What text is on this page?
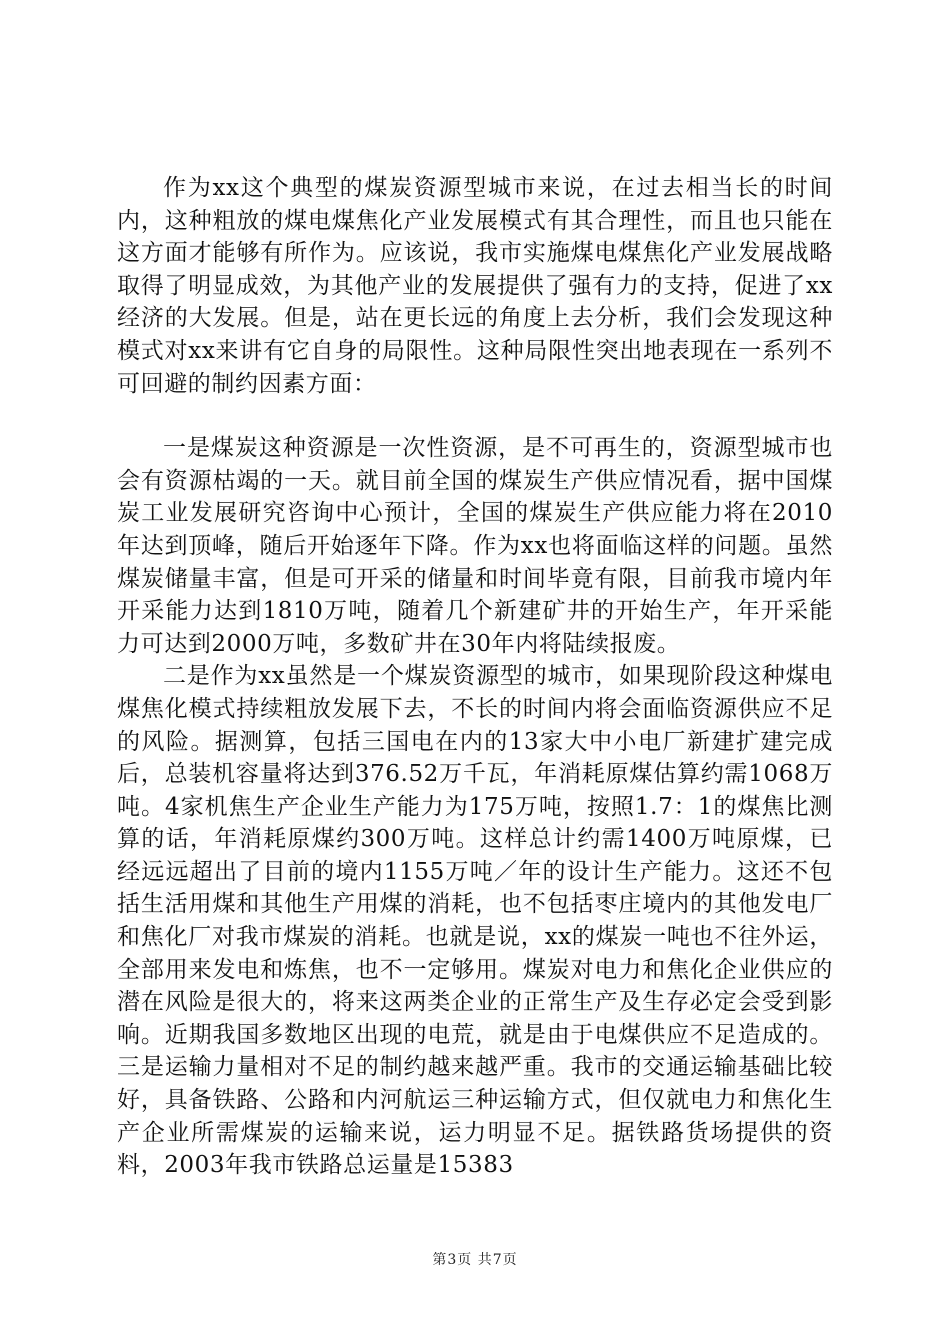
作为xx这个典型的煤炭资源型城市来说，在过去相当长的时间内，这种粗放的煤电煤焦化产业发展模式有其合理性，而且也只能在这方面才能够有所作为。应该说，我市实施煤电煤焦化产业发展战略取得了明显成效，为其他产业的发展提供了强有力的支持，促进了xx经济的大发展。但是，站在更长远的角度上去分析，我们会发现这种模式对xx来讲有它自身的局限性。这种局限性突出地表现在一系列不可回避的制约因素方面：

一是煤炭这种资源是一次性资源，是不可再生的，资源型城市也会有资源枯竭的一天。就目前全国的煤炭生产供应情况看，据中国煤炭工业发展研究咨询中心预计，全国的煤炭生产供应能力将在2010年达到顶峰，随后开始逐年下降。作为xx也将面临这样的问题。虽然煤炭储量丰富，但是可开采的储量和时间毕竟有限，目前我市境内年开采能力达到1810万吨，随着几个新建矿井的开始生产，年开采能力可达到2000万吨，多数矿井在30年内将陆续报废。

二是作为xx虽然是一个煤炭资源型的城市，如果现阶段这种煤电煤焦化模式持续粗放发展下去，不长的时间内将会面临资源供应不足的风险。据测算，包括三国电在内的13家大中小电厂新建扩建完成后，总装机容量将达到376.52万千瓦，年消耗原煤估算约需1068万吨。4家机焦生产企业生产能力为175万吨，按照1.7：1的煤焦比测算的话，年消耗原煤约300万吨。这样总计约需1400万吨原煤，已经远远超出了目前的境内1155万吨／年的设计生产能力。这还不包括生活用煤和其他生产用煤的消耗，也不包括枣庄境内的其他发电厂和焦化厂对我市煤炭的消耗。也就是说，xx的煤炭一吨也不往外运，全部用来发电和炼焦，也不一定够用。煤炭对电力和焦化企业供应的潜在风险是很大的，将来这两类企业的正常生产及生存必定会受到影响。近期我国多数地区出现的电荒，就是由于电煤供应不足造成的。三是运输力量相对不足的制约越来越严重。我市的交通运输基础比较好，具备铁路、公路和内河航运三种运输方式，但仅就电力和焦化生产企业所需煤炭的运输来说，运力明显不足。据铁路货场提供的资料，2003年我市铁路总运量是15383

第3页 共7页
